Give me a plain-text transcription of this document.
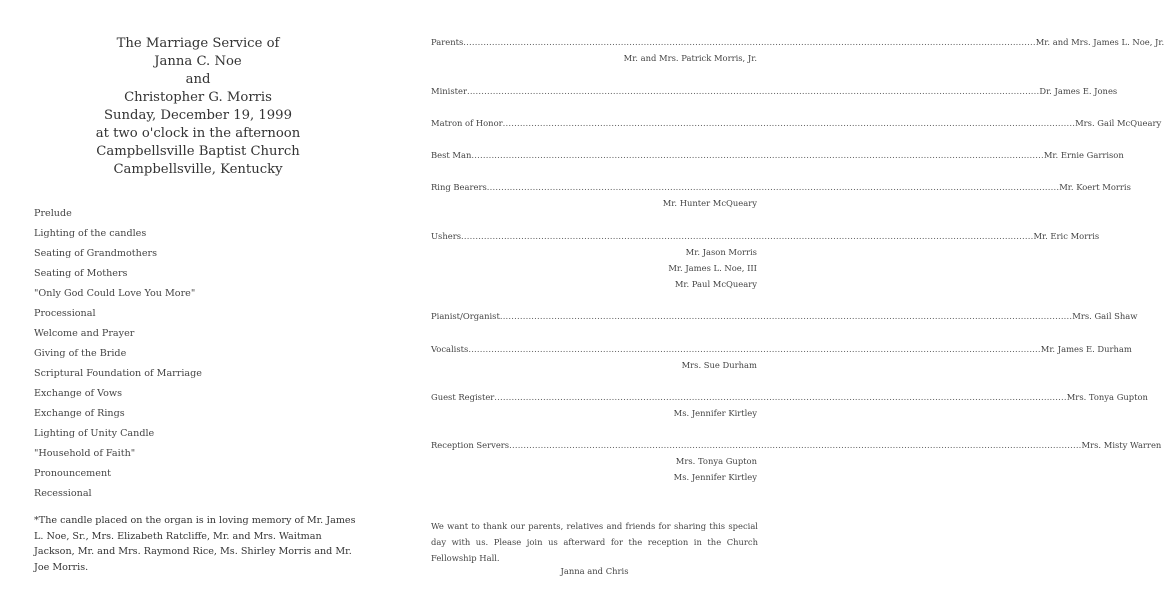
The Marriage Service of
Janna C. Noe
and
Christopher G. Morris
Sunday, December 19, 1999
at two o'clock in the afternoon
Campbellsville Baptist Church
Campbellsville, Kentucky
Prelude
Lighting of the candles
Seating of Grandmothers
Seating of Mothers
"Only God Could Love You More"
Processional
Welcome and Prayer
Giving of the Bride
Scriptural Foundation of Marriage
Exchange of Vows
Exchange of Rings
Lighting of Unity Candle
"Household of Faith"
Pronouncement
Recessional
*The candle placed on the organ is in loving memory of Mr. James L. Noe, Sr., Mrs. Elizabeth Ratcliffe, Mr. and Mrs. Waitman Jackson, Mr. and Mrs. Raymond Rice, Ms. Shirley Morris and Mr. Joe Morris.
Parents ........................................................................................................................................................................................................ Mr. and Mrs. James L. Noe, Jr.
Mr. and Mrs. Patrick Morris, Jr.
Minister ........................................................................................................................................................................................................ Dr. James E. Jones
Matron of Honor ........................................................................................................................................................................................................ Mrs. Gail McQueary
Best Man ........................................................................................................................................................................................................ Mr. Ernie Garrison
Ring Bearers ........................................................................................................................................................................................................ Mr. Koert Morris
Mr. Hunter McQueary
Ushers ........................................................................................................................................................................................................ Mr. Eric Morris
Mr. Jason Morris
Mr. James L. Noe, III
Mr. Paul McQueary
Pianist/Organist ........................................................................................................................................................................................................ Mrs. Gail Shaw
Vocalists ........................................................................................................................................................................................................ Mr. James E. Durham
Mrs. Sue Durham
Guest Register ........................................................................................................................................................................................................ Mrs. Tonya Gupton
Ms. Jennifer Kirtley
Reception Servers ........................................................................................................................................................................................................ Mrs. Misty Warren
Mrs. Tonya Gupton
Ms. Jennifer Kirtley
We want to thank our parents, relatives and friends for sharing this special day with us. Please join us afterward for the reception in the Church Fellowship Hall.
Janna and Chris
